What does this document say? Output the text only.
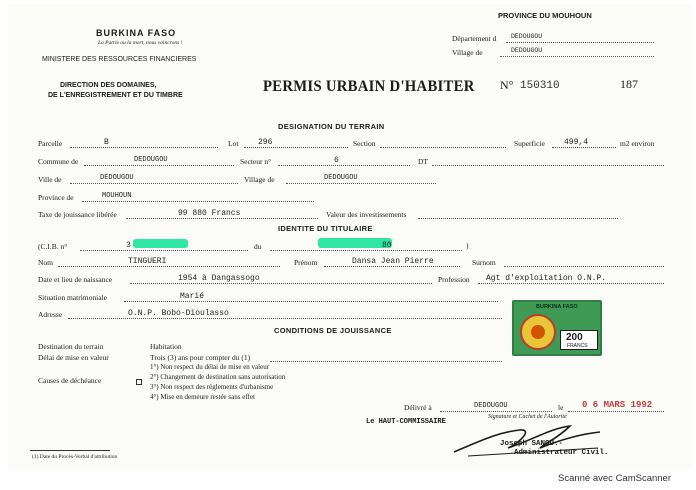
BURKINA FASO
La Patrie ou la mort, nous vaincrons !
MINISTERE DES RESSOURCES FINANCIERES
DIRECTION DES DOMAINES,
DE L'ENREGISTREMENT ET DU TIMBRE
PROVINCE DU MOUHOUN
Département d DEDOUGOU
Village de	DEDOUGOU
PERMIS URBAIN D'HABITER N° 150310	187
DESIGNATION DU TERRAIN
Parcelle	B	Lot 296	Section	Superficie 499,4	m2 environ
Commune de	DEDOUGOU	Secteur n°	6	DT
Ville de	DEDOUGOU	Village de	DEDOUGOU
Province de	MOUHOUN
Taxe de jouissance libérée	99 880 Francs	Valeur des investissements
IDENTITE DU TITULAIRE
(C.I.B. n°	3	du	80	)
Nom	TINGUERI	Prénom	Dansa Jean Pierre	Surnom
Date et lieu de naissance	1954 à Dangassogo	Profession Agt d'exploitation O.N.P.
Situation matrimoniale	Marié
Adresse	O.N.P. Bobo-Dioulasso
BURKINA FASO
200
FRANCS
CONDITIONS DE JOUISSANCE
Destination du terrain	Habitation
Délai de mise en valeur	Trois (3) ans pour compter du (1)
Causes de déchéance
1°) Non respect du délai de mise en valeur
2°) Changement de destination sans autorisation
3°) Non respect des règlements d'urbanisme
4°) Mise en demeure restée sans effet
Délivré à	DEDOUGOU	le 0 6 MARS 1992
Le HAUT-COMMISSAIRE
Signature et Cachet de l'Autorité
Joseph SANOU.-
Administrateur Civil.
(1) Date du Procès-Verbal d'attribution
Scanné avec CamScanner
